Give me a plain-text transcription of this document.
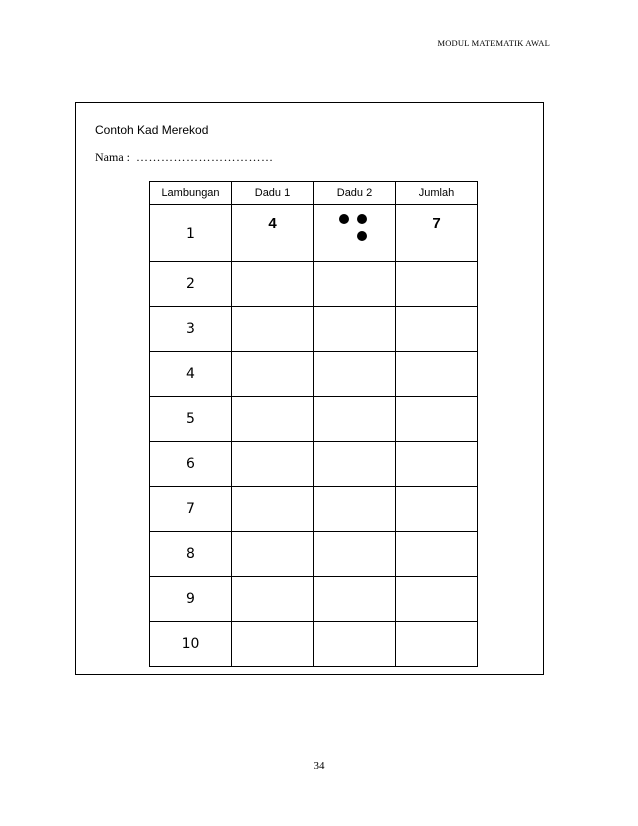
MODUL MATEMATIK AWAL
Contoh Kad Merekod
Nama : ……………………………
Lambungan	Dadu 1	Dadu 2	Jumlah
1	4		7
2			
3			
4			
5			
6			
7			
8			
9			
10			
34
